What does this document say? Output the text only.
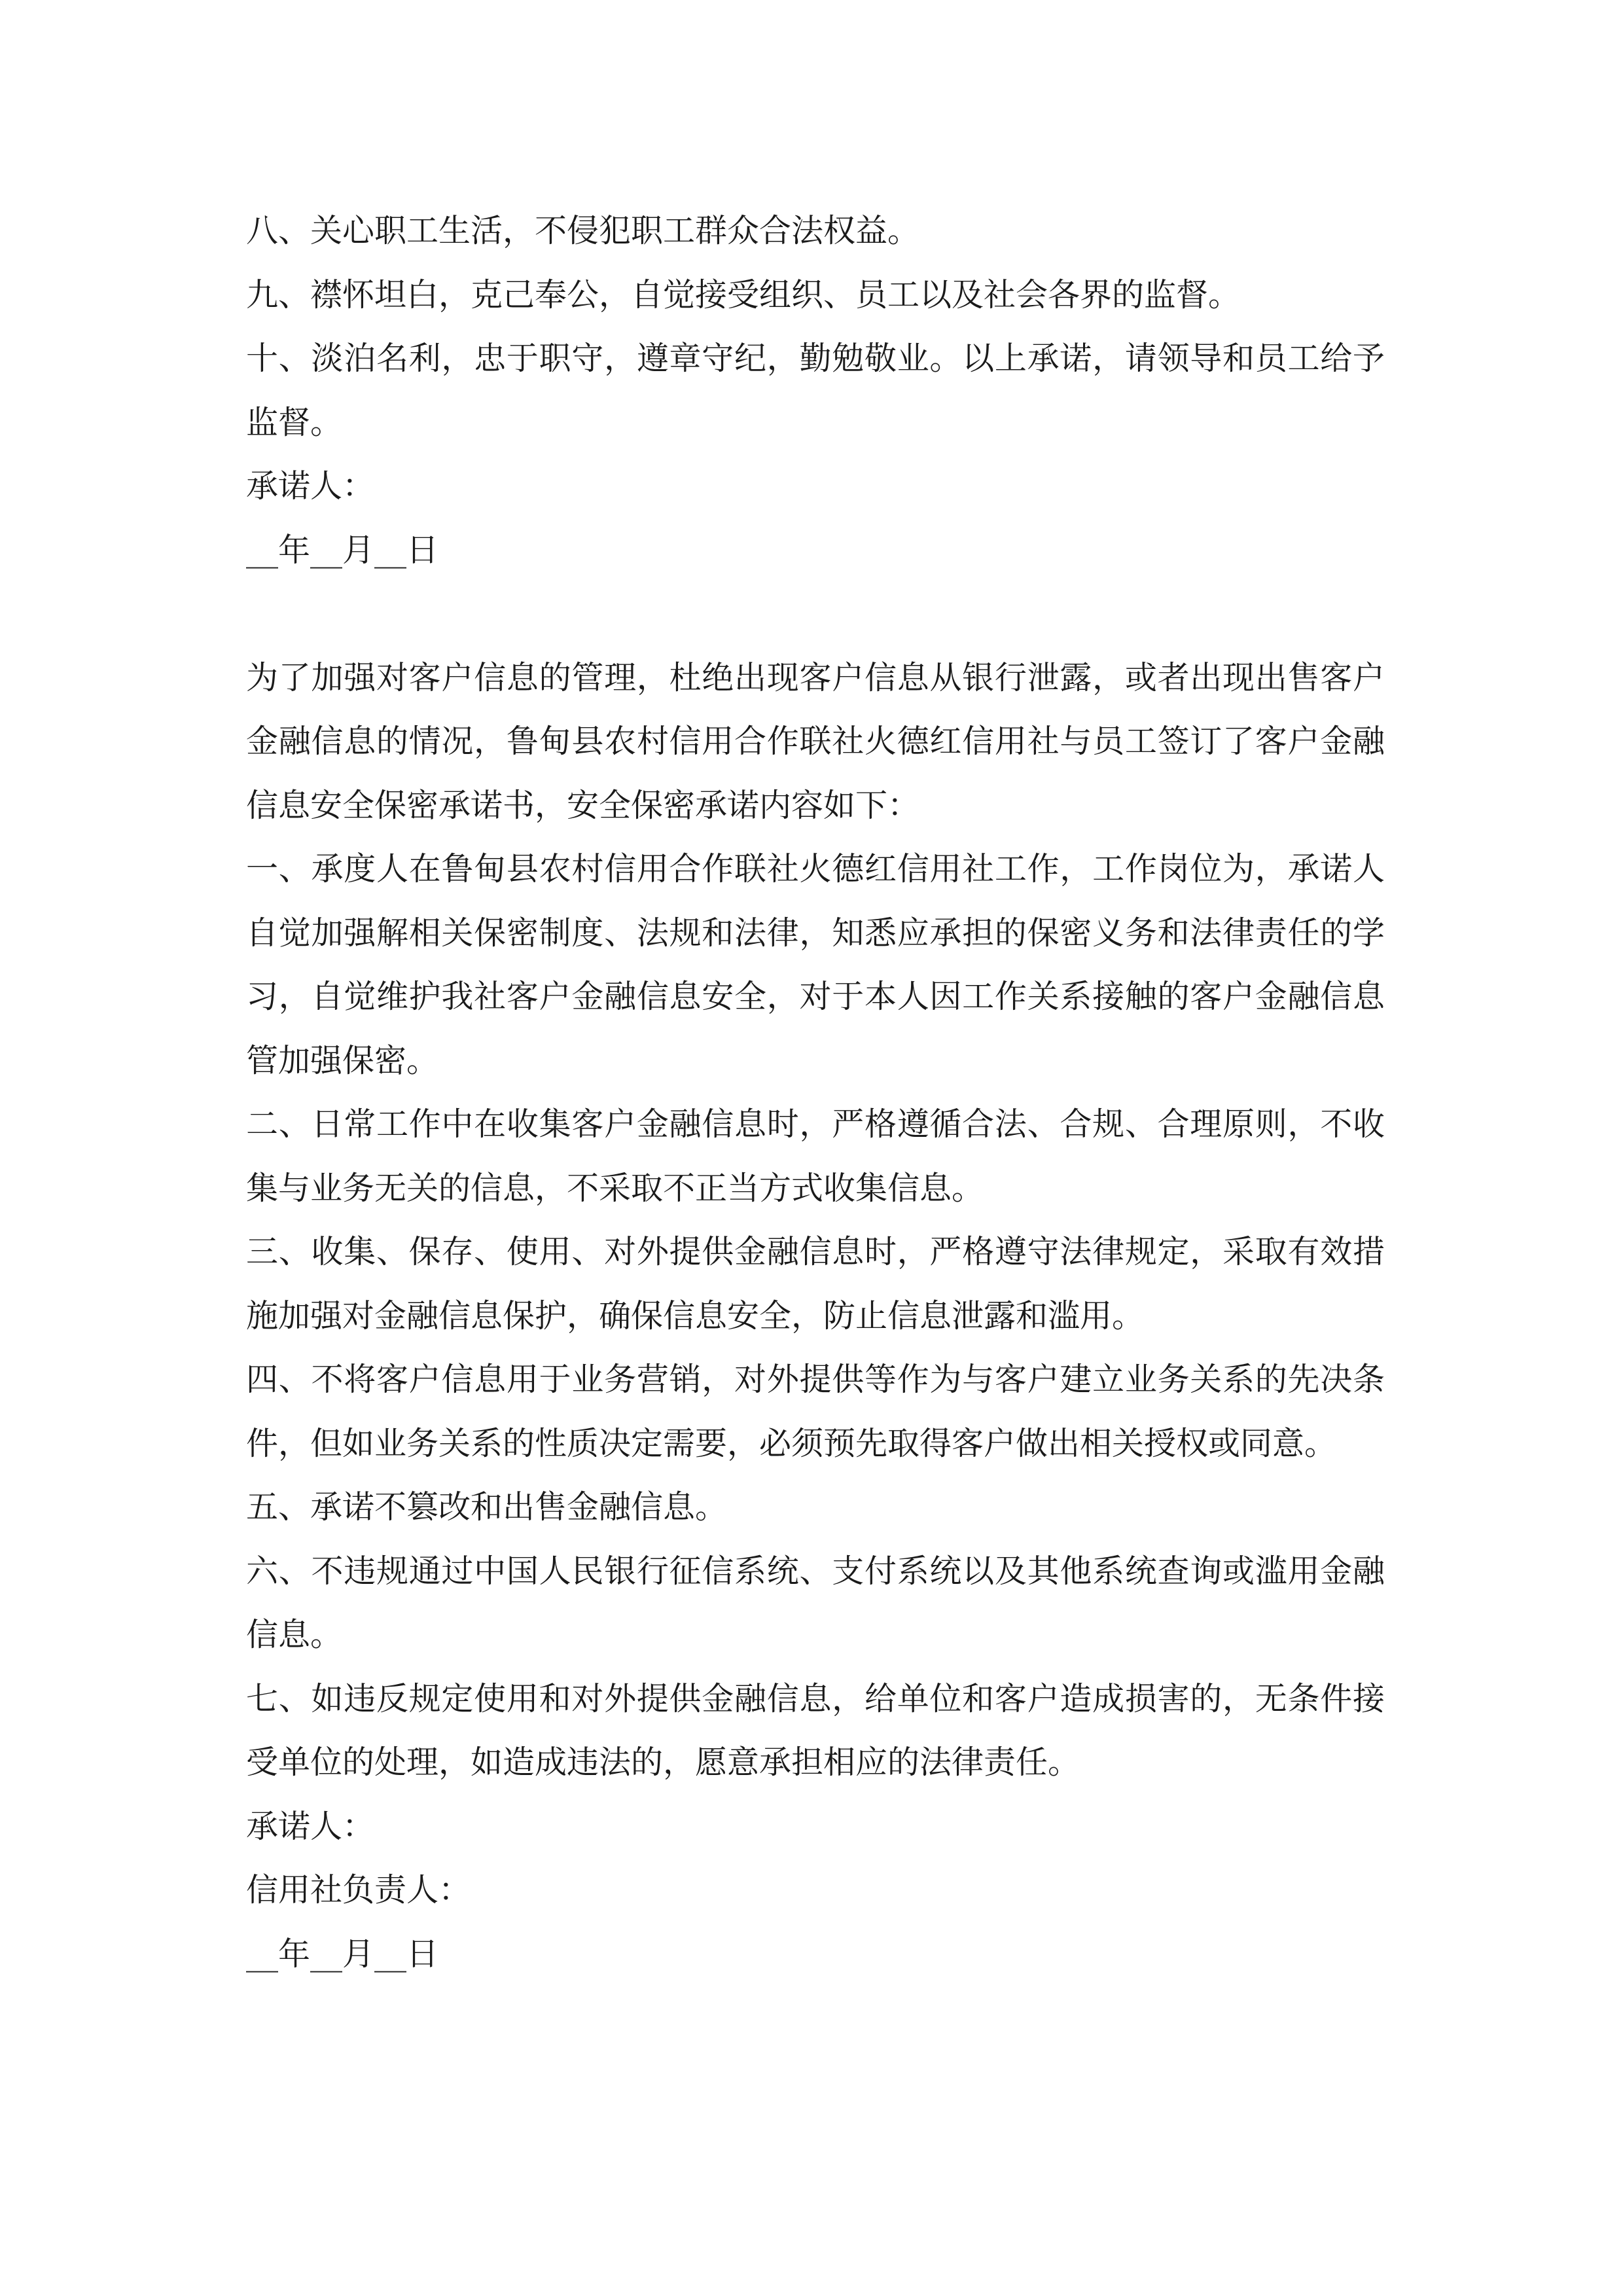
八、关心职工生活，不侵犯职工群众合法权益。

九、襟怀坦白，克己奉公，自觉接受组织、员工以及社会各界的监督。

十、淡泊名利，忠于职守，遵章守纪，勤勉敬业。以上承诺，请领导和员工给予监督。

承诺人：

__年__月__日

为了加强对客户信息的管理，杜绝出现客户信息从银行泄露，或者出现出售客户金融信息的情况，鲁甸县农村信用合作联社火德红信用社与员工签订了客户金融信息安全保密承诺书，安全保密承诺内容如下：

一、承度人在鲁甸县农村信用合作联社火德红信用社工作，工作岗位为，承诺人自觉加强解相关保密制度、法规和法律，知悉应承担的保密义务和法律责任的学习，自觉维护我社客户金融信息安全，对于本人因工作关系接触的客户金融信息管加强保密。

二、日常工作中在收集客户金融信息时，严格遵循合法、合规、合理原则，不收集与业务无关的信息，不采取不正当方式收集信息。

三、收集、保存、使用、对外提供金融信息时，严格遵守法律规定，采取有效措施加强对金融信息保护，确保信息安全，防止信息泄露和滥用。

四、不将客户信息用于业务营销，对外提供等作为与客户建立业务关系的先决条件，但如业务关系的性质决定需要，必须预先取得客户做出相关授权或同意。

五、承诺不篡改和出售金融信息。

六、不违规通过中国人民银行征信系统、支付系统以及其他系统查询或滥用金融信息。

七、如违反规定使用和对外提供金融信息，给单位和客户造成损害的，无条件接受单位的处理，如造成违法的，愿意承担相应的法律责任。

承诺人：

信用社负责人：

__年__月__日
